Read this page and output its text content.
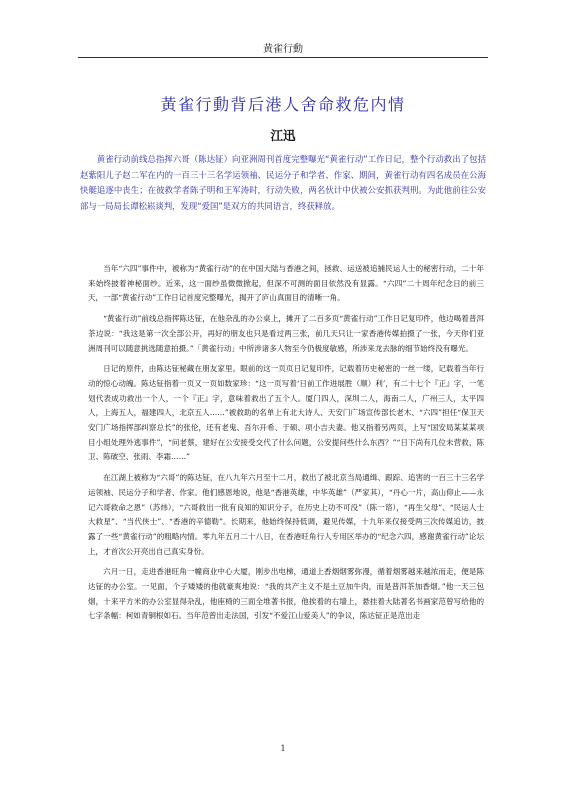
黄雀行動
黃雀行動背后港人舍命救危内情
江迅

黄雀行动前线总指挥六哥（陈达钲）向亚洲周刊首度完整曝光“黄雀行动”工作日记，整个行动救出了包括赵紫阳儿子赵二军在内的一百三十三名学运领袖、民运分子和学者、作家、期间，黄雀行动有四名成员在公海快艇追逐中丧生；在彼救学者陈子明和王军涛时，行动失败，两名伙计中伏被公安抓获判刑。为此他前往公安部与一局局长谭松崧谈判，发现“爱国”是双方的共同语言，终获释放。

当年“六四”事件中，被称为“黄雀行动”的在中国大陆与香港之间，拯救、运送被追捕民运人士的秘密行动，二十年来始终披着神秘面纱。近来，这一面纱虽微微掀起，但深不可测的面目依然没有显露。“六四”二十周年纪念日的前三天，一部“黄雀行动”工作日记首度完整曝光，揭开了庐山真面目的清晰一角。

“黄雀行动”前线总指挥陈达钲，在他杂乱的办公桌上，摊开了二百多页“黄雀行动”工作日记复印件，他边喝着普洱茶边说：“我这是第一次全部公开，再好的朋友也只是看过两三张，前几天只让一家香港传媒拍摄了一张，今天你们亚洲周刊可以随意挑选随意拍摄。”「黄雀行动」中所涉诸多人物至今仍极度敏感，所涉来龙去脉的细节始终没有曝光。

日记的原件，由陈达钲秘藏在朋友家里。眼前的这一页页日记复印件，记载着历史秘密的一丝一缕，记载着当年行动的惊心动魄。陈达钲指着一页又一页如数家珍：“这一页写着‘日前工作进展胜（顺）利’，有二十七个『正』字，一笔划代表成功救出一个人，一个『正』字，意味着救出了五个人。厦门四人，深圳二人，海南二人，广州三人，太平四人，上海五人，福建四人，北京五人……”被救助的名单上有北大诗人、天安门广场宣传部长老木、“六四”担任“保卫天安门广场指挥部纠察总长”的张伦，还有老鬼、吾尔开希、于硕、项小吉夫妻。他又指着另两页，上写“国安局某某某项目小组处理外逃事件”，“问老蔡，建好在公安接受交代了什么问题，公安提问些什么东西？”“日下尚有几位未营救，陈卫、陈破空、张雨、李霜……”

在江湖上被称为“六哥”的陈达钲，在八九年六月至十二月，救出了被北京当局通缉、跟踪、追害的一百三十三名学运领袖、民运分子和学者、作家。他们感恩地说，他是“香港英雄，中华英雄”（严家其），“丹心一片，高山仰止——永记六哥救命之恩”（苏炜），“六哥救出一批有良知的知识分子，在历史上功不可没”（陈一谘），“再生父母”、“民运人士大救星”、“当代侠士”、“香港的辛德勒”。长期来，他始终保持低调，避见传媒，十九年来仅接受两三次传媒追访，披露了一些“黄雀行动”的粗略内情。零九年五月二十八日，在香港旺角行人专用区举办的“纪念六四，感谢黄雀行动”论坛上，才首次公开亮出自己真实身份。

六月一日，走进香港旺角一幢商业中心大厦，刚步出电梯，通道上香烟烟雾弥漫，循着烟雾越来越浓而走，便是陈达钲的办公室。一见面，个子矮矮的他就豪爽地说：“我的共产主义不是土豆加牛肉，而是普洱茶加香烟。”他一天三包烟，十来平方米的办公室显得杂乱，他座椅的三面全堆著书报，他挨着的右墙上，悬挂着大陆著名书画家范曾写给他的七字条幅：柯如青铜根如石。当年范曾出走法国，引发“不爱江山爱美人”的争议，陈达钲正是范出走

1
